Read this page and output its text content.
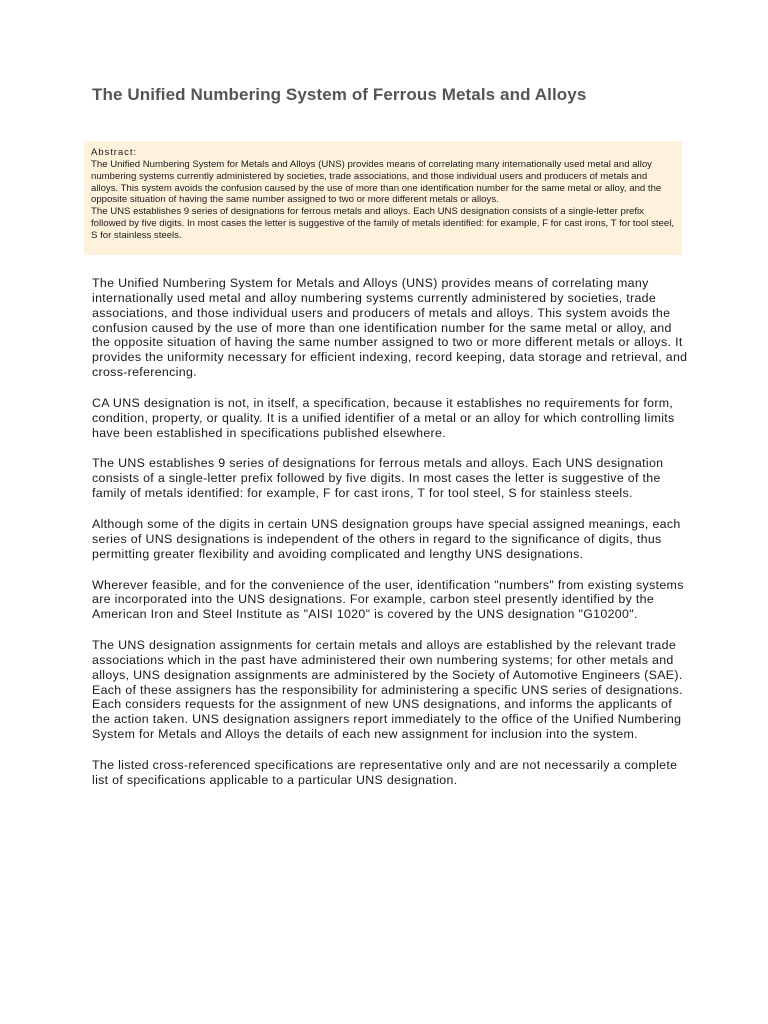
The Unified Numbering System of Ferrous Metals and Alloys

Abstract:

The Unified Numbering System for Metals and Alloys (UNS) provides means of correlating many internationally used metal and alloy numbering systems currently administered by societies, trade associations, and those individual users and producers of metals and alloys. This system avoids the confusion caused by the use of more than one identification number for the same metal or alloy, and the opposite situation of having the same number assigned to two or more different metals or alloys.

The UNS establishes 9 series of designations for ferrous metals and alloys. Each UNS designation consists of a single-letter prefix followed by five digits. In most cases the letter is suggestive of the family of metals identified: for example, F for cast irons, T for tool steel, S for stainless steels.

The Unified Numbering System for Metals and Alloys (UNS) provides means of correlating many internationally used metal and alloy numbering systems currently administered by societies, trade associations, and those individual users and producers of metals and alloys. This system avoids the confusion caused by the use of more than one identification number for the same metal or alloy, and the opposite situation of having the same number assigned to two or more different metals or alloys. It provides the uniformity necessary for efficient indexing, record keeping, data storage and retrieval, and cross-referencing.

CA UNS designation is not, in itself, a specification, because it establishes no requirements for form, condition, property, or quality. It is a unified identifier of a metal or an alloy for which controlling limits have been established in specifications published elsewhere.

The UNS establishes 9 series of designations for ferrous metals and alloys. Each UNS designation consists of a single-letter prefix followed by five digits. In most cases the letter is suggestive of the family of metals identified: for example, F for cast irons, T for tool steel, S for stainless steels.

Although some of the digits in certain UNS designation groups have special assigned meanings, each series of UNS designations is independent of the others in regard to the significance of digits, thus permitting greater flexibility and avoiding complicated and lengthy UNS designations.

Wherever feasible, and for the convenience of the user, identification "numbers" from existing systems are incorporated into the UNS designations. For example, carbon steel presently identified by the American Iron and Steel Institute as "AISI 1020" is covered by the UNS designation "G10200".

The UNS designation assignments for certain metals and alloys are established by the relevant trade associations which in the past have administered their own numbering systems; for other metals and alloys, UNS designation assignments are administered by the Society of Automotive Engineers (SAE). Each of these assigners has the responsibility for administering a specific UNS series of designations. Each considers requests for the assignment of new UNS designations, and informs the applicants of the action taken. UNS designation assigners report immediately to the office of the Unified Numbering System for Metals and Alloys the details of each new assignment for inclusion into the system.

The listed cross-referenced specifications are representative only and are not necessarily a complete list of specifications applicable to a particular UNS designation.
